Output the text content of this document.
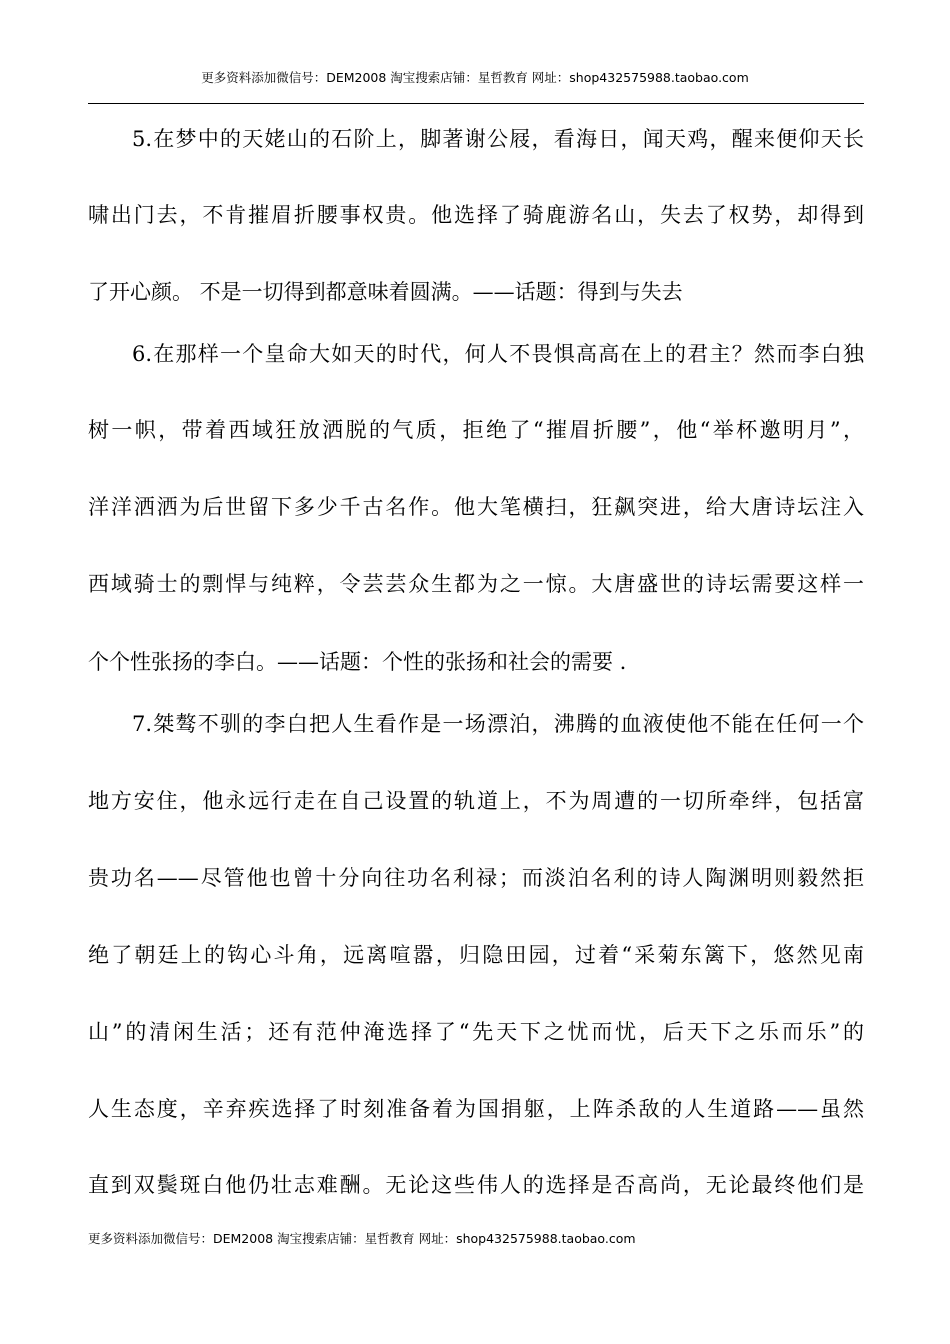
更多资料添加微信号：DEM2008 淘宝搜索店铺：星哲教育 网址：shop432575988.taobao.com
5.在梦中的天姥山的石阶上，脚著谢公屐，看海日，闻天鸡，醒来便仰天长
啸出门去，不肯摧眉折腰事权贵。他选择了骑鹿游名山，失去了权势，却得到
了开心颜。 不是一切得到都意味着圆满。——话题：得到与失去
6.在那样一个皇命大如天的时代，何人不畏惧高高在上的君主？然而李白独
树一帜，带着西域狂放洒脱的气质，拒绝了“摧眉折腰”，他“举杯邀明月”，
洋洋洒洒为后世留下多少千古名作。他大笔横扫，狂飙突进，给大唐诗坛注入
西域骑士的剽悍与纯粹，令芸芸众生都为之一惊。大唐盛世的诗坛需要这样一
个个性张扬的李白。——话题：个性的张扬和社会的需要 .
7.桀骜不驯的李白把人生看作是一场漂泊，沸腾的血液使他不能在任何一个
地方安住，他永远行走在自己设置的轨道上，不为周遭的一切所牵绊，包括富
贵功名——尽管他也曾十分向往功名利禄；而淡泊名利的诗人陶渊明则毅然拒
绝了朝廷上的钩心斗角，远离喧嚣，归隐田园，过着“采菊东篱下，悠然见南
山”的清闲生活；还有范仲淹选择了“先天下之忧而忧，后天下之乐而乐”的
人生态度，辛弃疾选择了时刻准备着为国捐躯，上阵杀敌的人生道路——虽然
直到双鬓斑白他仍壮志难酬。无论这些伟人的选择是否高尚，无论最终他们是
更多资料添加微信号：DEM2008 淘宝搜索店铺：星哲教育 网址：shop432575988.taobao.com
